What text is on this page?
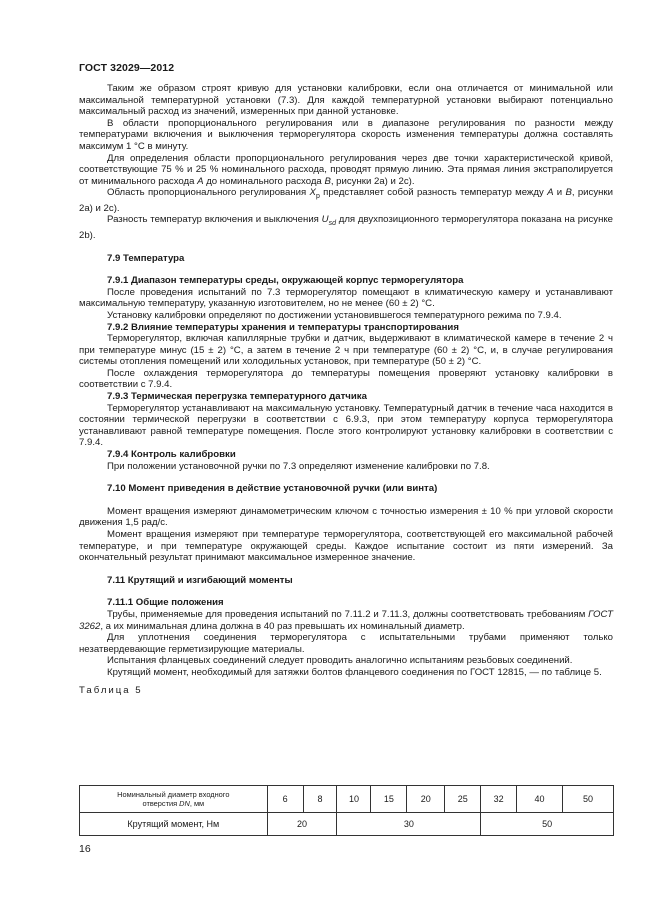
ГОСТ 32029—2012

Таким же образом строят кривую для установки калибровки, если она отличается от минимальной или максимальной температурной установки (7.3). Для каждой температурной установки выбирают потенциально максимальный расход из значений, измеренных при данной установке.

В области пропорционального регулирования или в диапазоне регулирования по разности между температурами включения и выключения терморегулятора скорость изменения температуры должна составлять максимум 1 °С в минуту.

Для определения области пропорционального регулирования через две точки характеристической кривой, соответствующие 75 % и 25 % номинального расхода, проводят прямую линию. Эта прямая линия экстраполируется от минимального расхода А до номинального расхода В, рисунки 2а) и 2с).

Область пропорционального регулирования $X_p$ представляет собой разность температур между А и В, рисунки 2а) и 2с).

Разность температур включения и выключения $U_{sd}$ для двухпозиционного терморегулятора показана на рисунке 2b).

7.9 Температура

7.9.1 Диапазон температуры среды, окружающей корпус терморегулятора

После проведения испытаний по 7.3 терморегулятор помещают в климатическую камеру и устанавливают максимальную температуру, указанную изготовителем, но не менее (60 ± 2) °С.

Установку калибровки определяют по достижении установившегося температурного режима по 7.9.4.

7.9.2 Влияние температуры хранения и температуры транспортирования

Терморегулятор, включая капиллярные трубки и датчик, выдерживают в климатической камере в течение 2 ч при температуре минус (15 ± 2) °С, а затем в течение 2 ч при температуре (60 ± 2) °С, и, в случае регулирования системы отопления помещений или холодильных установок, при температуре (50 ± 2) °С.

После охлаждения терморегулятора до температуры помещения проверяют установку калибровки в соответствии с 7.9.4.

7.9.3 Термическая перегрузка температурного датчика

Терморегулятор устанавливают на максимальную установку. Температурный датчик в течение часа находится в состоянии термической перегрузки в соответствии с 6.9.3, при этом температуру корпуса терморегулятора устанавливают равной температуре помещения. После этого контролируют установку калибровки в соответствии с 7.9.4.

7.9.4 Контроль калибровки

При положении установочной ручки по 7.3 определяют изменение калибровки по 7.8.

7.10 Момент приведения в действие установочной ручки (или винта)

Момент вращения измеряют динамометрическим ключом с точностью измерения ± 10 % при угловой скорости движения 1,5 рад/с.

Момент вращения измеряют при температуре терморегулятора, соответствующей его максимальной рабочей температуре, и при температуре окружающей среды. Каждое испытание состоит из пяти измерений. За окончательный результат принимают максимальное измеренное значение.

7.11 Крутящий и изгибающий моменты

7.11.1 Общие положения

Трубы, применяемые для проведения испытаний по 7.11.2 и 7.11.3, должны соответствовать требованиям ГОСТ 3262, а их минимальная длина должна в 40 раз превышать их номинальный диаметр.

Для уплотнения соединения терморегулятора с испытательными трубами применяют только незатвердевающие герметизирующие материалы.

Испытания фланцевых соединений следует проводить аналогично испытаниям резьбовых соединений.

Крутящий момент, необходимый для затяжки болтов фланцевого соединения по ГОСТ 12815, — по таблице 5.

Таблица 5

Номинальный диаметр входного
отверстия DN, мм	6	8	10	15	20	25	32	40	50
Крутящий момент, Нм	20		30				50		
16
